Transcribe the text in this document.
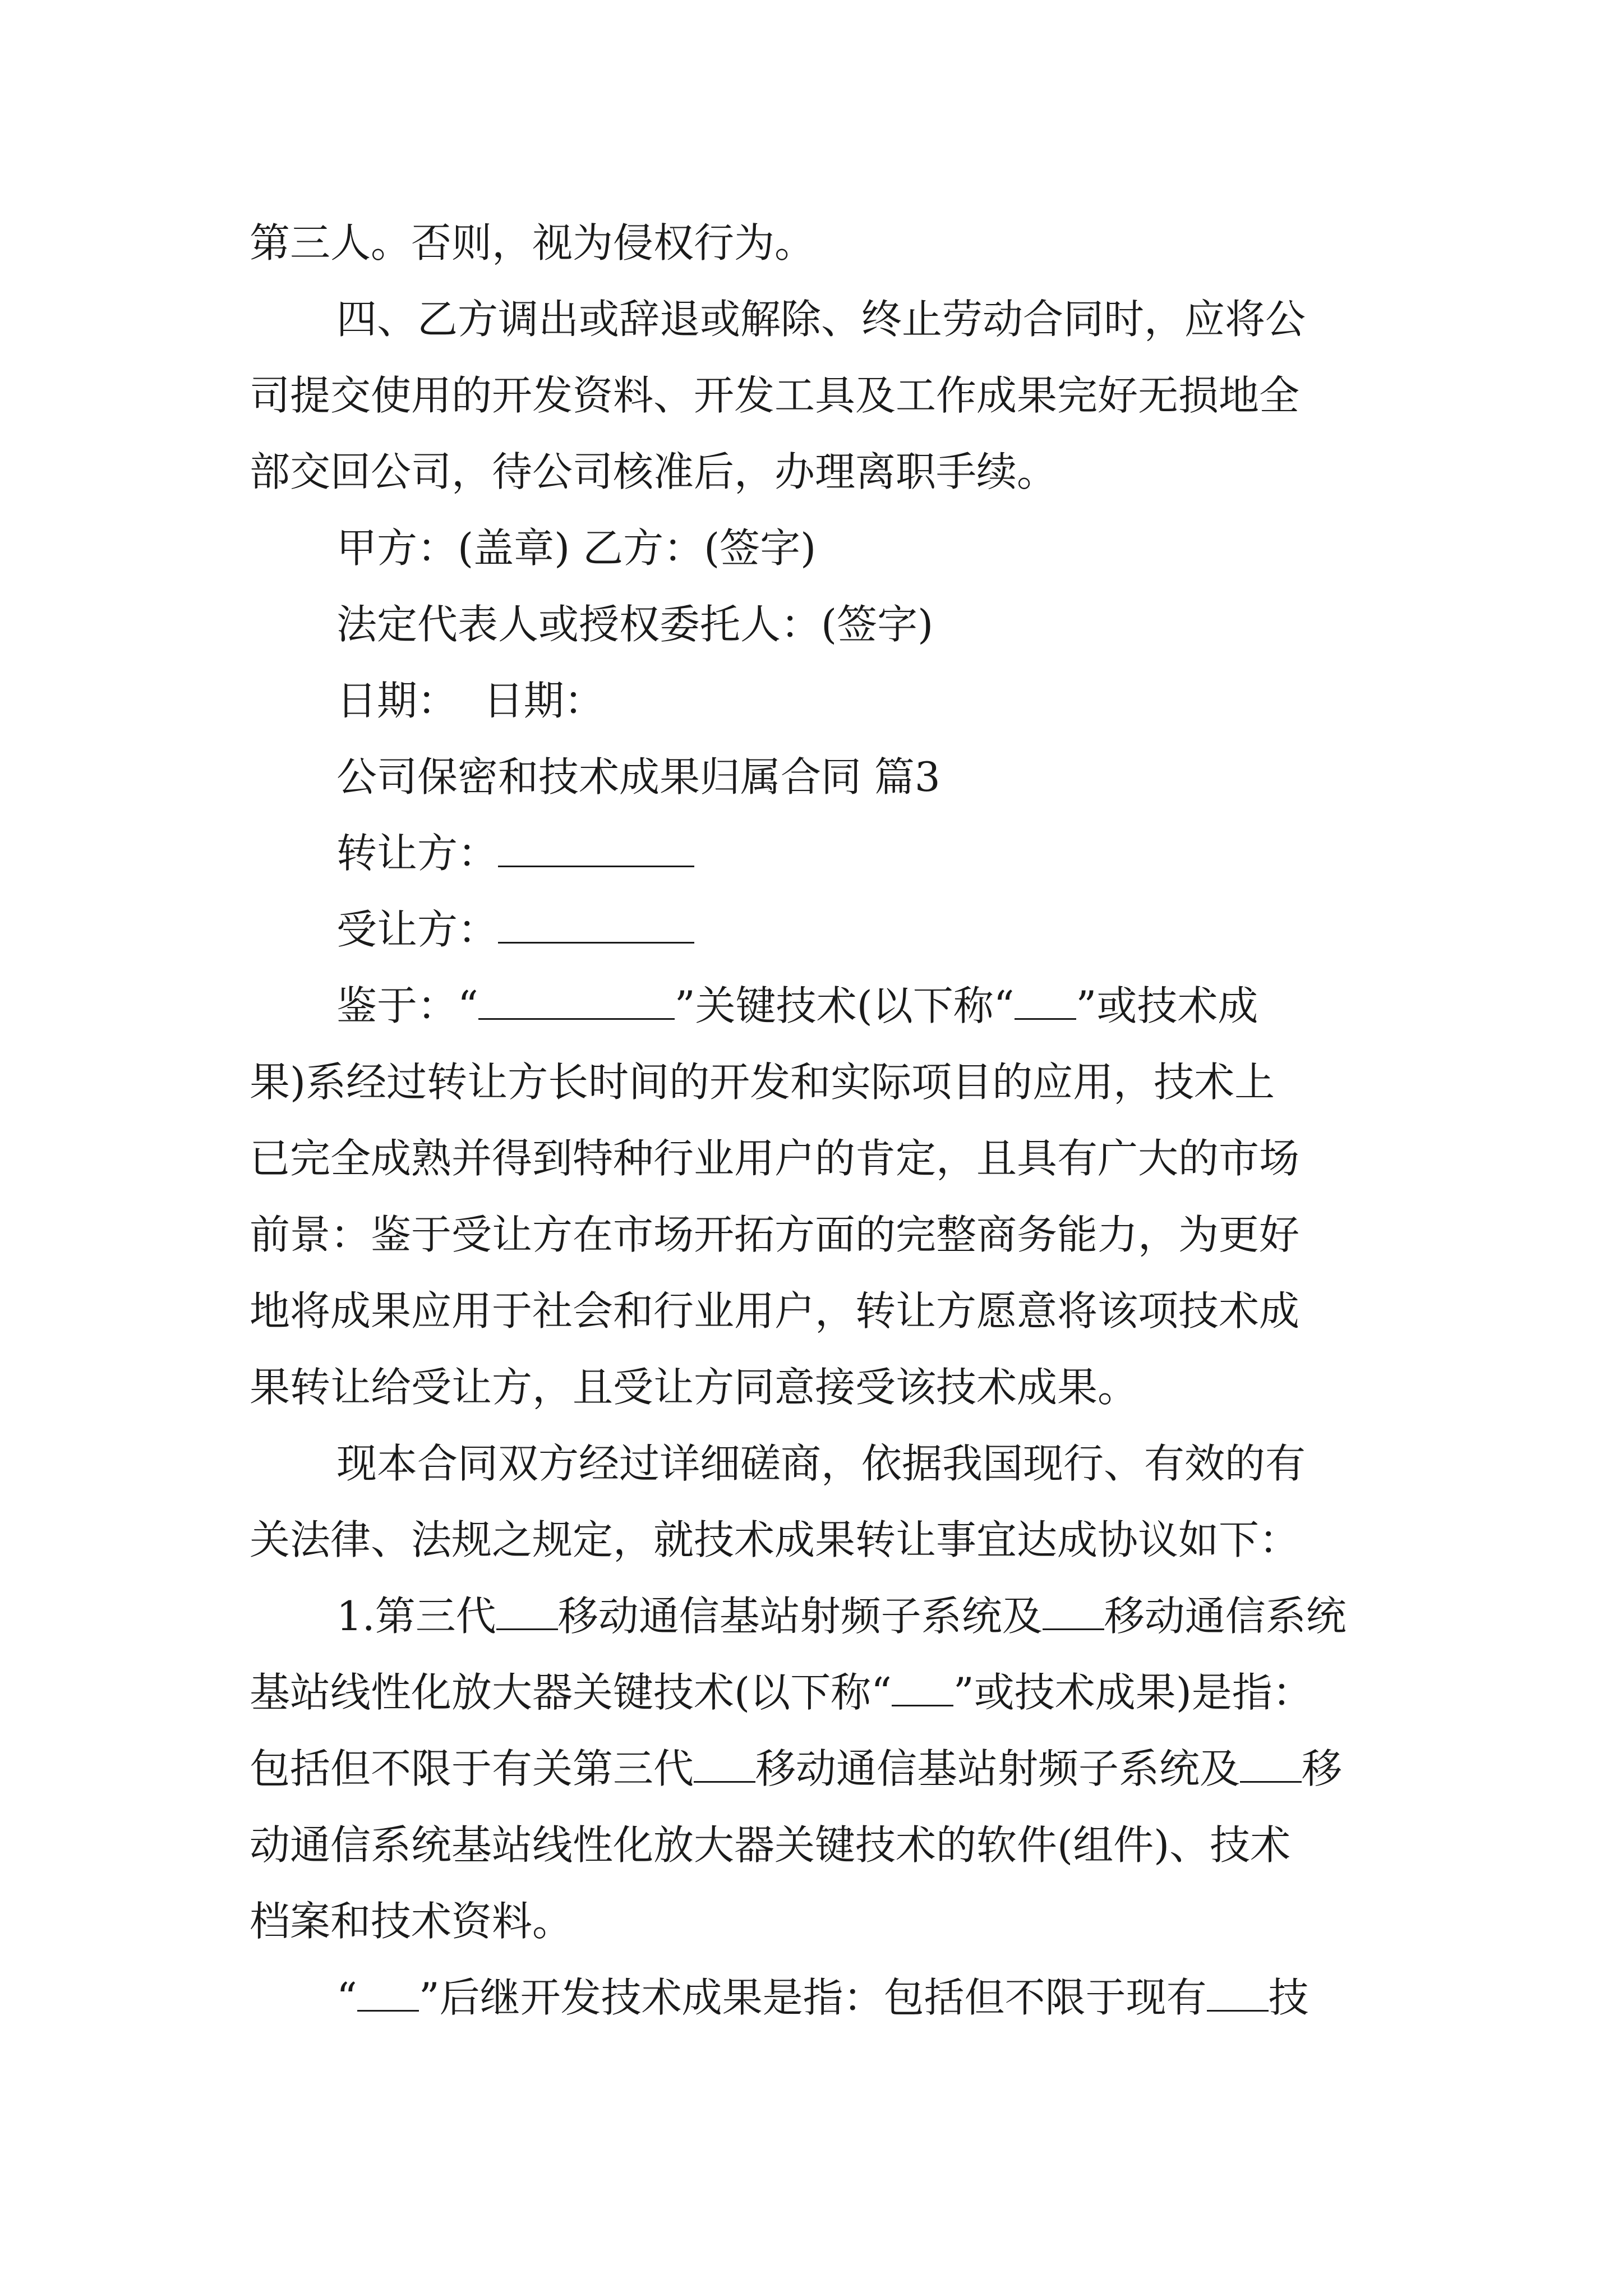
第三人。否则，视为侵权行为。

四、乙方调出或辞退或解除、终止劳动合同时，应将公

司提交使用的开发资料、开发工具及工作成果完好无损地全

部交回公司，待公司核准后，办理离职手续。

甲方：(盖章) 乙方：(签字)

法定代表人或授权委托人：(签字)

日期：  日期：

公司保密和技术成果归属合同 篇3

转让方：

受让方：

鉴于：“	”关键技术(以下称“ ”或技术成

果)系经过转让方长时间的开发和实际项目的应用，技术上

已完全成熟并得到特种行业用户的肯定，且具有广大的市场

前景：鉴于受让方在市场开拓方面的完整商务能力，为更好

地将成果应用于社会和行业用户，转让方愿意将该项技术成

果转让给受让方，且受让方同意接受该技术成果。

现本合同双方经过详细磋商，依据我国现行、有效的有

关法律、法规之规定，就技术成果转让事宜达成协议如下：

1.第三代 移动通信基站射频子系统及 移动通信系统

基站线性化放大器关键技术(以下称“ ”或技术成果)是指：

包括但不限于有关第三代 移动通信基站射频子系统及 移

动通信系统基站线性化放大器关键技术的软件(组件)、技术

档案和技术资料。

“ ”后继开发技术成果是指：包括但不限于现有 技
